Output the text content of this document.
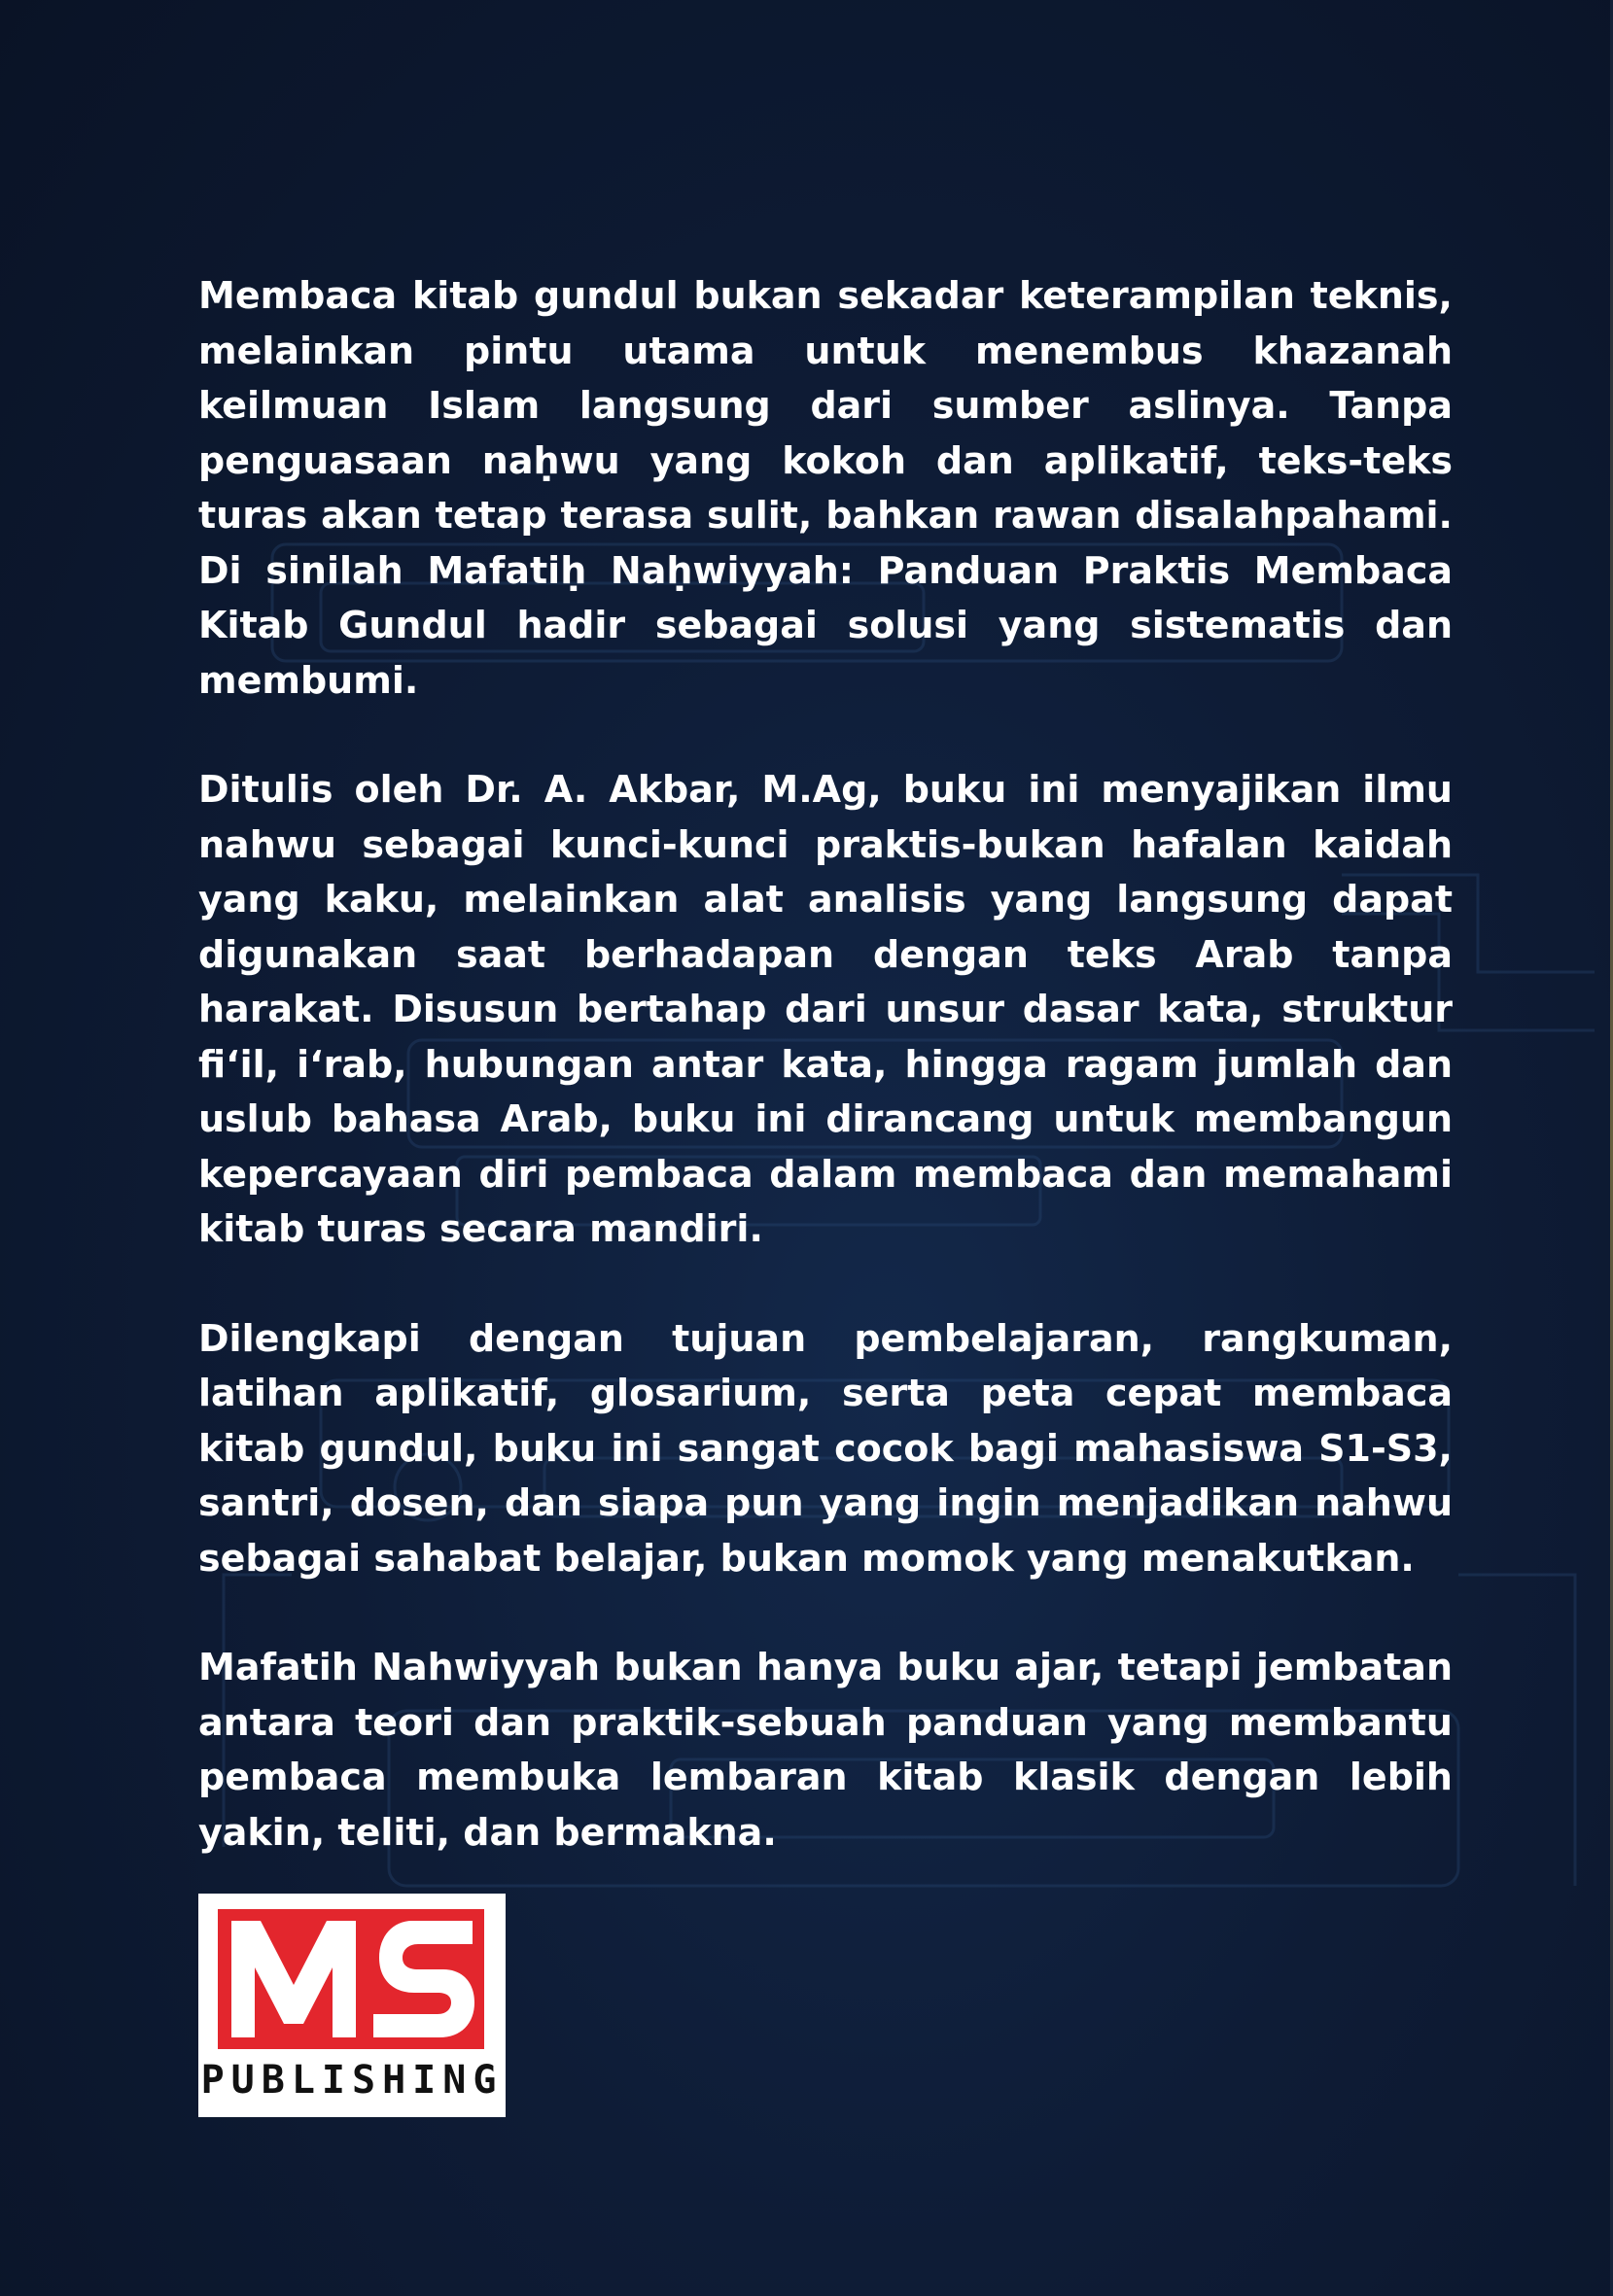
Membaca kitab gundul bukan sekadar keterampilan teknis, melainkan pintu utama untuk menembus khazanah keilmuan Islam langsung dari sumber aslinya. Tanpa penguasaan naḥwu yang kokoh dan aplikatif, teks-teks turas akan tetap terasa sulit, bahkan rawan disalahpahami. Di sinilah Mafatiḥ Naḥwiyyah: Panduan Praktis Membaca Kitab Gundul hadir sebagai solusi yang sistematis dan membumi.

Ditulis oleh Dr. A. Akbar, M.Ag, buku ini menyajikan ilmu nahwu sebagai kunci-kunci praktis-bukan hafalan kaidah yang kaku, melainkan alat analisis yang langsung dapat digunakan saat berhadapan dengan teks Arab tanpa harakat. Disusun bertahap dari unsur dasar kata, struktur fi‘il, i‘rab, hubungan antar kata, hingga ragam jumlah dan uslub bahasa Arab, buku ini dirancang untuk membangun kepercayaan diri pembaca dalam membaca dan memahami kitab turas secara mandiri.

Dilengkapi dengan tujuan pembelajaran, rangkuman, latihan aplikatif, glosarium, serta peta cepat membaca kitab gundul, buku ini sangat cocok bagi mahasiswa S1-S3, santri, dosen, dan siapa pun yang ingin menjadikan nahwu sebagai sahabat belajar, bukan momok yang menakutkan.

Mafatih Nahwiyyah bukan hanya buku ajar, tetapi jembatan antara teori dan praktik-sebuah panduan yang membantu pembaca membuka lembaran kitab klasik dengan lebih yakin, teliti, dan bermakna.

PUBLISHING
